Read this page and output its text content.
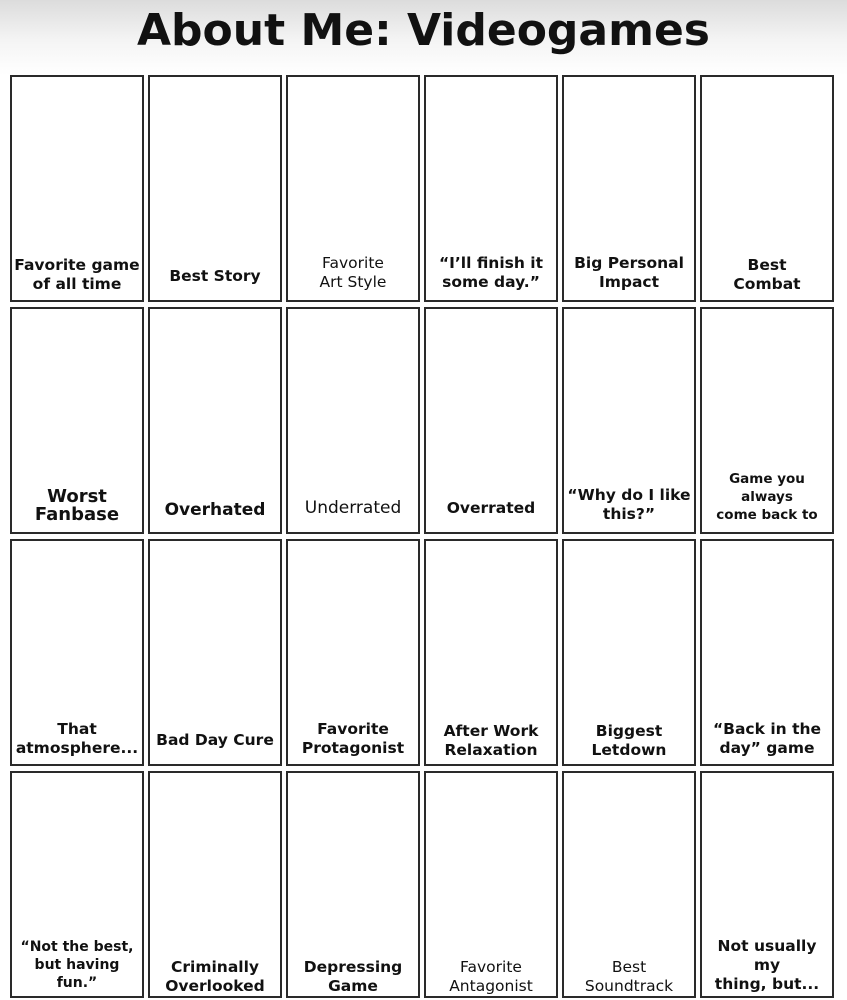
About Me: Videogames
Favorite game
of all time	Best Story
Favorite
Art Style
“I’ll finish it
some day.”
Big Personal
Impact
Best
Combat
Worst
Fanbase	Overhated	Underrated	Overrated
“Why do I like
this?”
Game you always
come back to
That
atmosphere...	Bad Day Cure
Favorite
Protagonist
After Work
Relaxation
Biggest
Letdown
“Back in the
day” game
“Not the best,
but having fun.”
Criminally
Overlooked
Depressing
Game
Favorite
Antagonist
Best
Soundtrack
Not usually my
thing, but...
